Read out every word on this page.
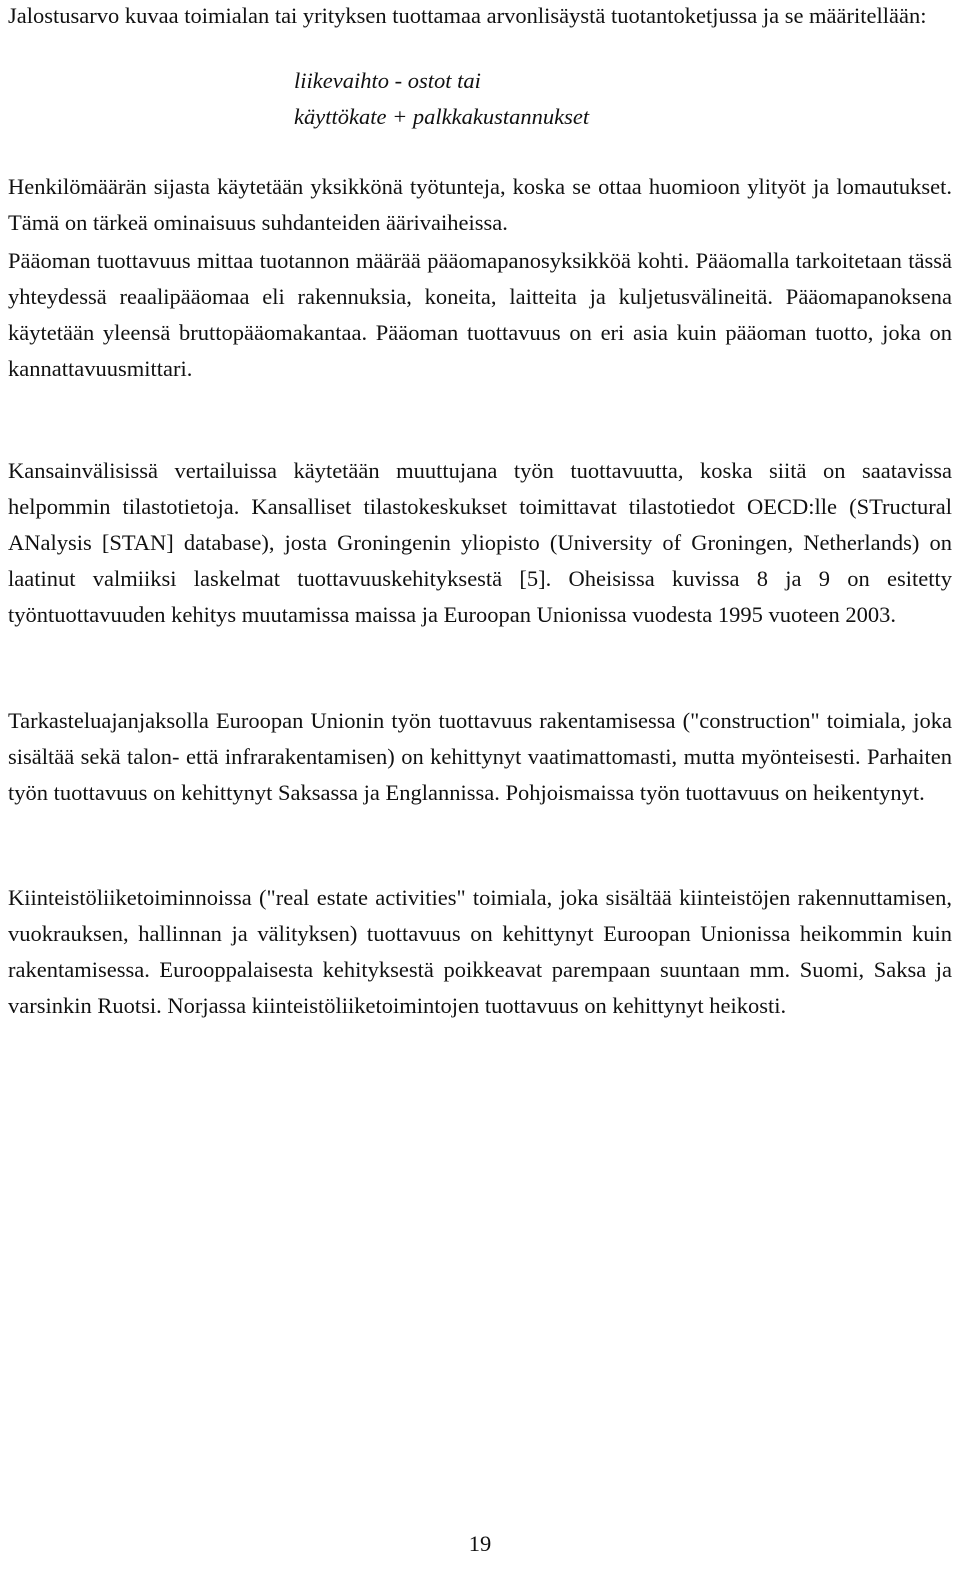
Jalostusarvo kuvaa toimialan tai yrityksen tuottamaa arvonlisäystä tuotantoketjussa ja se määritellään:

liikevaihto - ostot tai

käyttökate + palkkakustannukset

Henkilömäärän sijasta käytetään yksikkönä työtunteja, koska se ottaa huomioon ylityöt ja lomautukset. Tämä on tärkeä ominaisuus suhdanteiden äärivaiheissa.

Pääoman tuottavuus mittaa tuotannon määrää pääomapanosyksikköä kohti. Pääomalla tarkoitetaan tässä yhteydessä reaalipääomaa eli rakennuksia, koneita, laitteita ja kuljetusvälineitä. Pääomapanoksena käytetään yleensä bruttopääomakantaa. Pääoman tuottavuus on eri asia kuin pääoman tuotto, joka on kannattavuusmittari.

Kansainvälisissä vertailuissa käytetään muuttujana työn tuottavuutta, koska siitä on saatavissa helpommin tilastotietoja. Kansalliset tilastokeskukset toimittavat tilastotiedot OECD:lle (STructural ANalysis [STAN] database), josta Groningenin yliopisto (University of Groningen, Netherlands) on laatinut valmiiksi laskelmat tuottavuuskehityksestä [5]. Oheisissa kuvissa 8 ja 9 on esitetty työntuottavuuden kehitys muutamissa maissa ja Euroopan Unionissa vuodesta 1995 vuoteen 2003.

Tarkasteluajanjaksolla Euroopan Unionin työn tuottavuus rakentamisessa ("construction" toimiala, joka sisältää sekä talon- että infrarakentamisen) on kehittynyt vaatimattomasti, mutta myönteisesti. Parhaiten työn tuottavuus on kehittynyt Saksassa ja Englannissa. Pohjoismaissa työn tuottavuus on heikentynyt.

Kiinteistöliiketoiminnoissa ("real estate activities" toimiala, joka sisältää kiinteistöjen rakennuttamisen, vuokrauksen, hallinnan ja välityksen) tuottavuus on kehittynyt Euroopan Unionissa heikommin kuin rakentamisessa. Eurooppalaisesta kehityksestä poikkeavat parempaan suuntaan mm. Suomi, Saksa ja varsinkin Ruotsi. Norjassa kiinteistöliiketoimintojen tuottavuus on kehittynyt heikosti.

19
